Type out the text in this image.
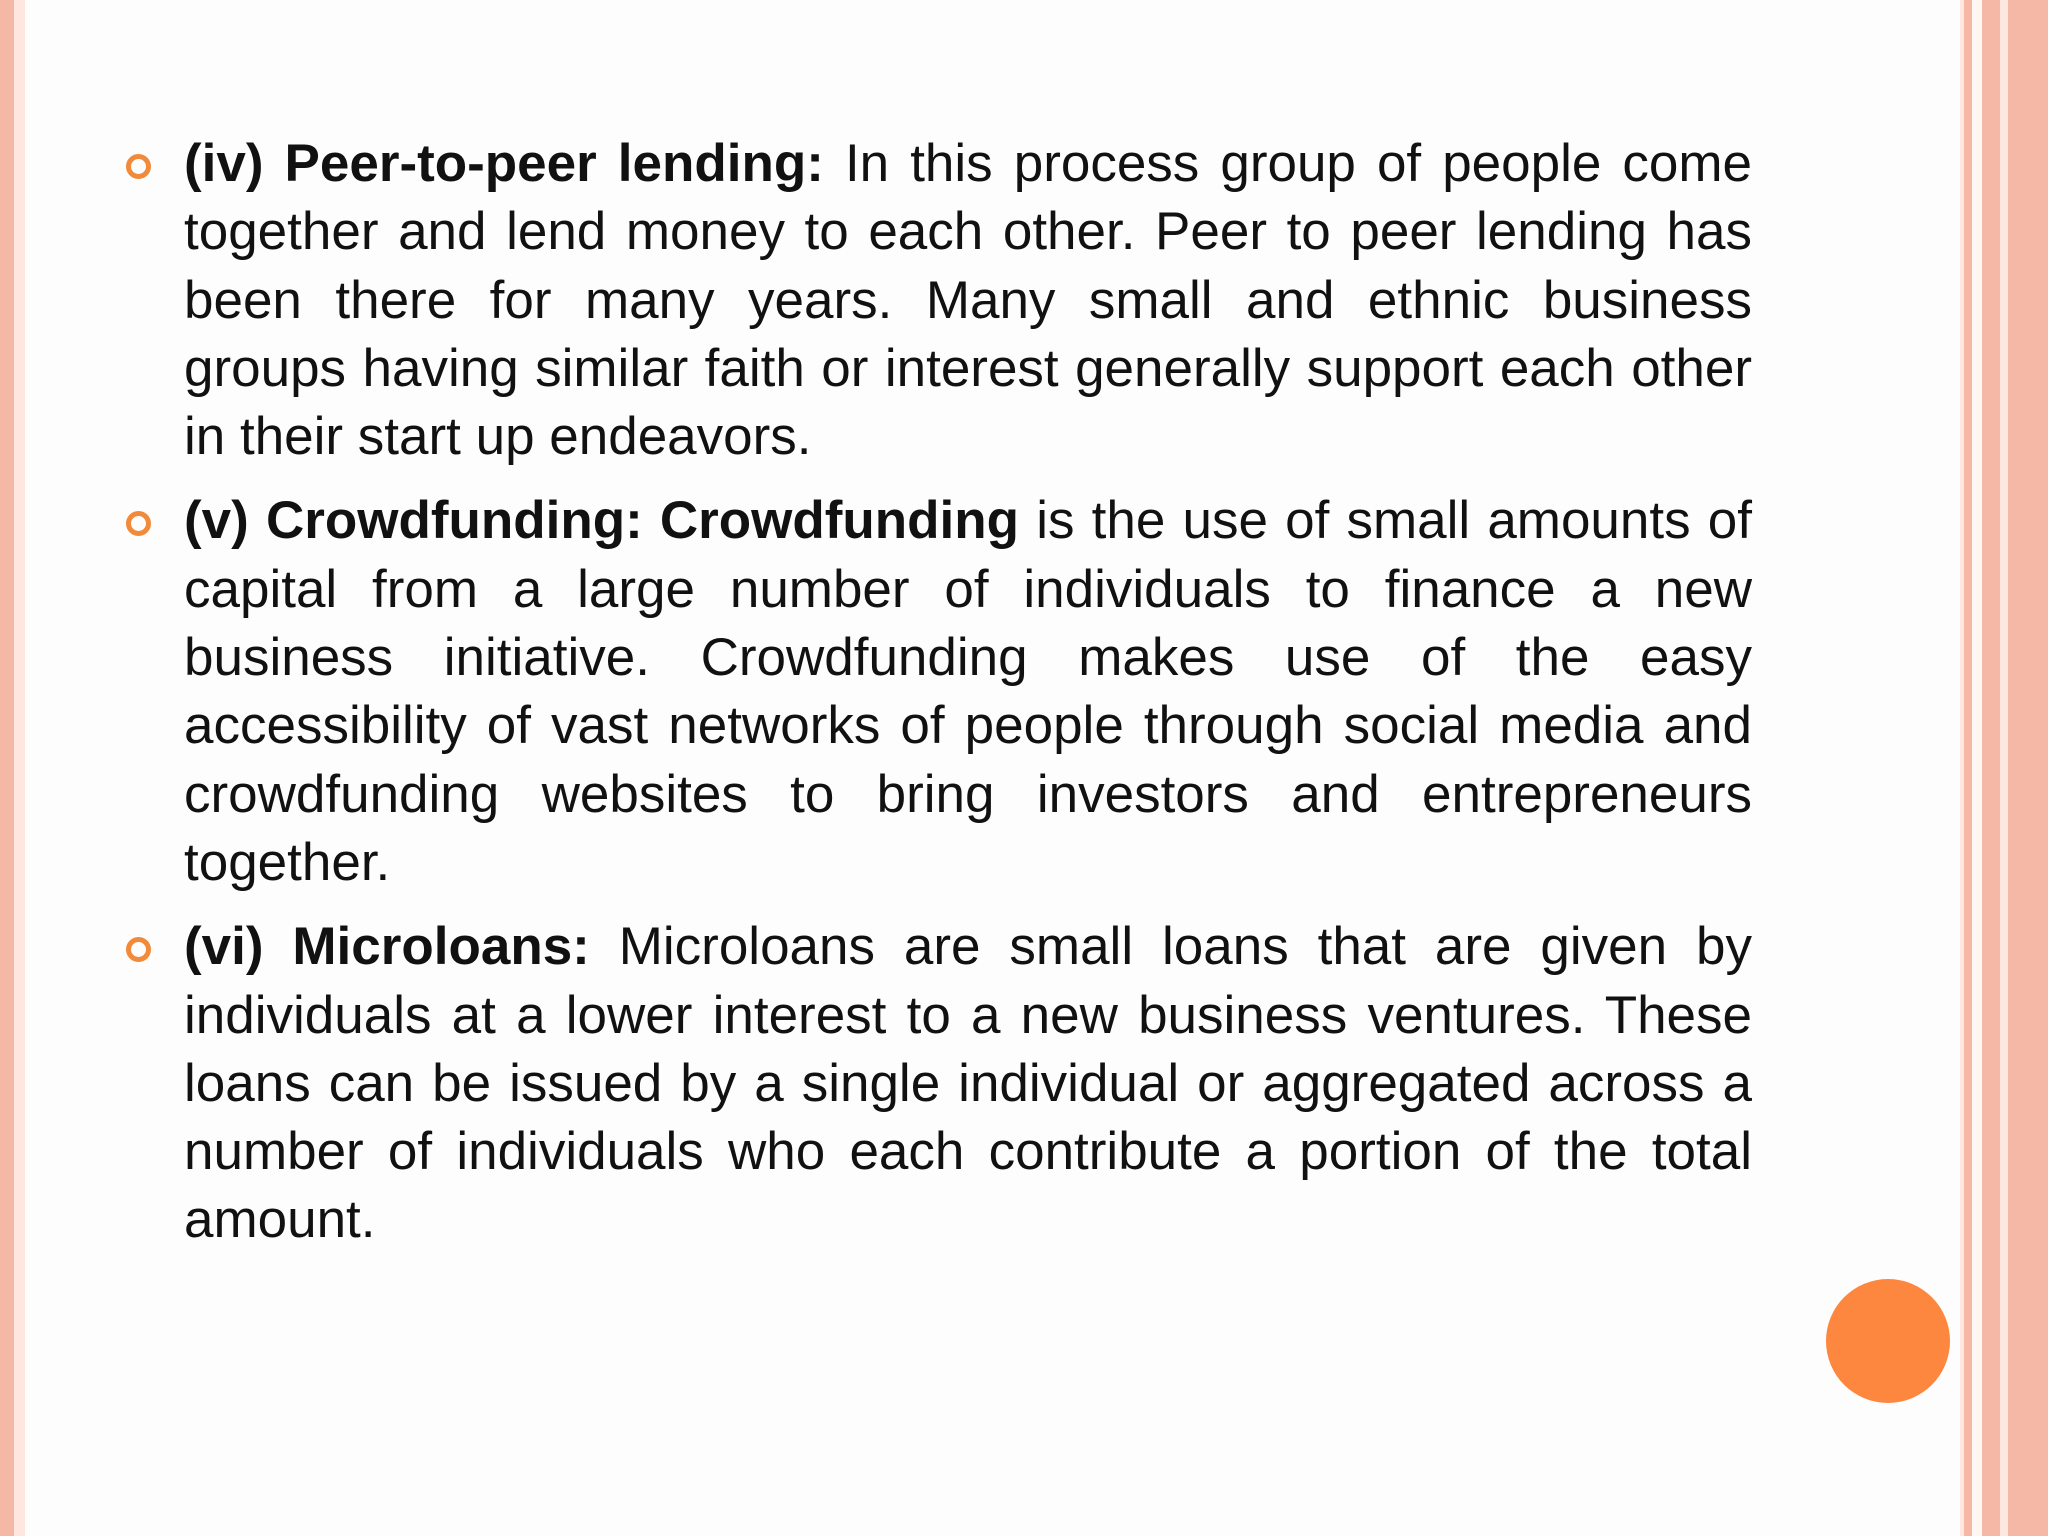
(iv) Peer-to-peer lending: In this process group of people come together and lend money to each other. Peer to peer lending has been there for many years. Many small and ethnic business groups having similar faith or interest generally support each other in their start up endeavors.
(v) Crowdfunding: Crowdfunding is the use of small amounts of capital from a large number of individuals to finance a new business initiative. Crowdfunding makes use of the easy accessibility of vast networks of people through social media and crowdfunding websites to bring investors and entrepreneurs together.
(vi) Microloans: Microloans are small loans that are given by individuals at a lower interest to a new business ventures. These loans can be issued by a single individual or aggregated across a number of individuals who each contribute a portion of the total amount.
